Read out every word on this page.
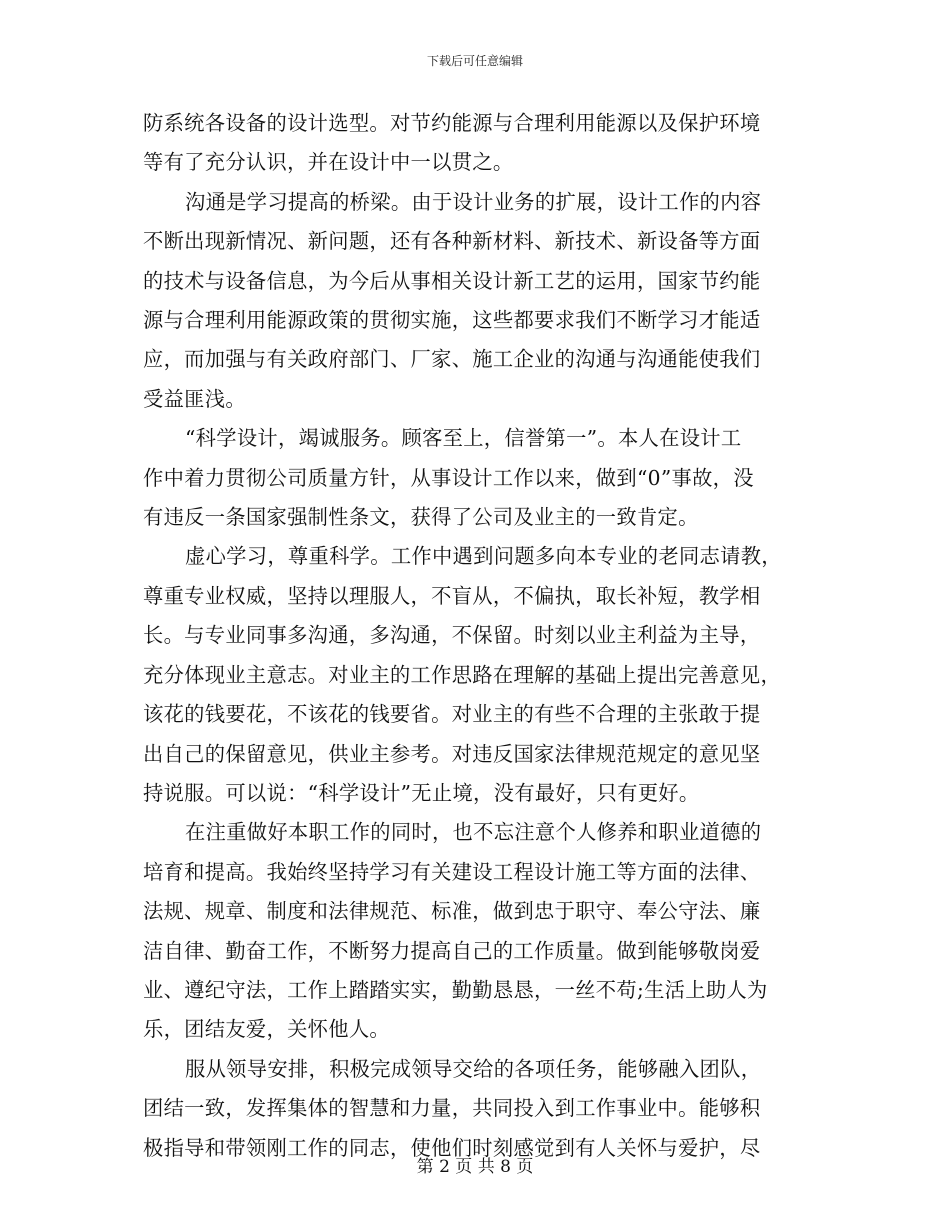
下载后可任意编辑
防系统各设备的设计选型。对节约能源与合理利用能源以及保护环境
等有了充分认识，并在设计中一以贯之。
沟通是学习提高的桥梁。由于设计业务的扩展，设计工作的内容
不断出现新情况、新问题，还有各种新材料、新技术、新设备等方面
的技术与设备信息，为今后从事相关设计新工艺的运用，国家节约能
源与合理利用能源政策的贯彻实施，这些都要求我们不断学习才能适
应，而加强与有关政府部门、厂家、施工企业的沟通与沟通能使我们
受益匪浅。
“科学设计，竭诚服务。顾客至上，信誉第一”。本人在设计工
作中着力贯彻公司质量方针，从事设计工作以来，做到“0”事故，没
有违反一条国家强制性条文，获得了公司及业主的一致肯定。
虚心学习，尊重科学。工作中遇到问题多向本专业的老同志请教，
尊重专业权威，坚持以理服人，不盲从，不偏执，取长补短，教学相
长。与专业同事多沟通，多沟通，不保留。时刻以业主利益为主导，
充分体现业主意志。对业主的工作思路在理解的基础上提出完善意见，
该花的钱要花，不该花的钱要省。对业主的有些不合理的主张敢于提
出自己的保留意见，供业主参考。对违反国家法律规范规定的意见坚
持说服。可以说：“科学设计”无止境，没有最好，只有更好。
在注重做好本职工作的同时，也不忘注意个人修养和职业道德的
培育和提高。我始终坚持学习有关建设工程设计施工等方面的法律、
法规、规章、制度和法律规范、标准，做到忠于职守、奉公守法、廉
洁自律、勤奋工作，不断努力提高自己的工作质量。做到能够敬岗爱
业、遵纪守法，工作上踏踏实实，勤勤恳恳，一丝不苟;生活上助人为
乐，团结友爱，关怀他人。
服从领导安排，积极完成领导交给的各项任务，能够融入团队，
团结一致，发挥集体的智慧和力量，共同投入到工作事业中。能够积
极指导和带领刚工作的同志，使他们时刻感觉到有人关怀与爱护，尽
第 2 页 共 8 页
